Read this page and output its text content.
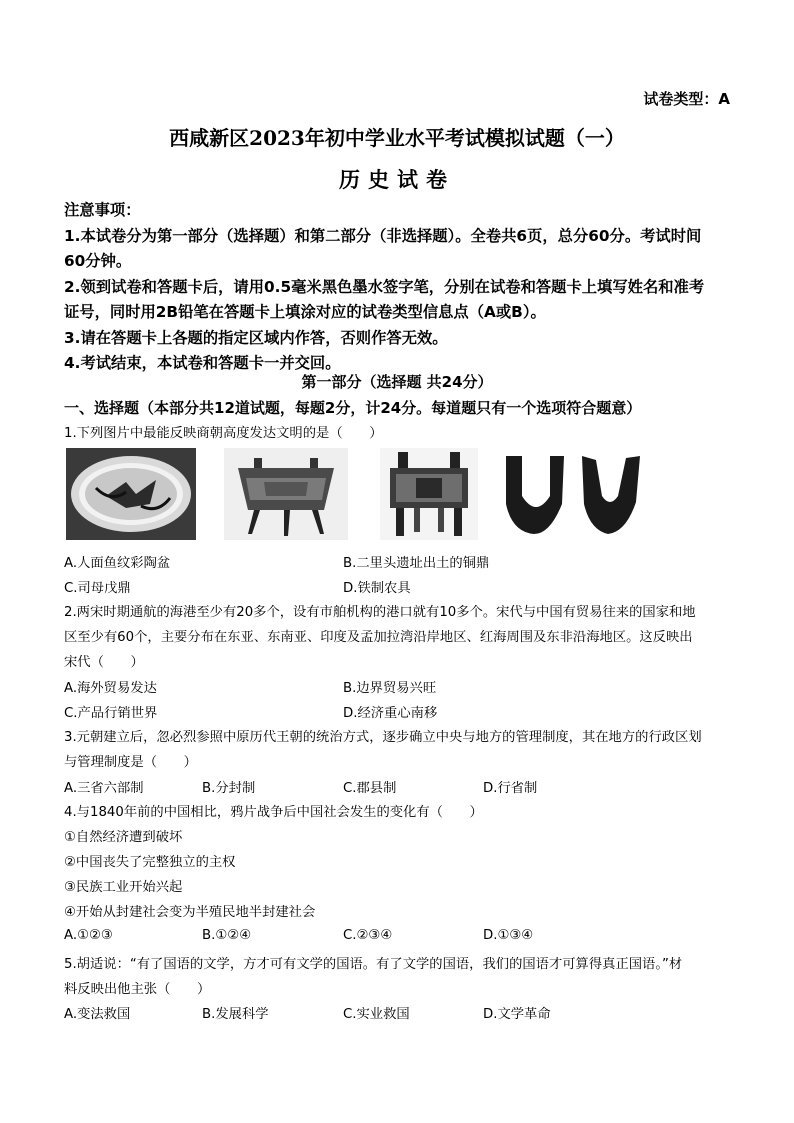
试卷类型：A
西咸新区2023年初中学业水平考试模拟试题（一）
历史试卷
注意事项：
1.本试卷分为第一部分（选择题）和第二部分（非选择题）。全卷共6页，总分60分。考试时间
60分钟。
2.领到试卷和答题卡后，请用0.5毫米黑色墨水签字笔，分别在试卷和答题卡上填写姓名和准考
证号，同时用2B铅笔在答题卡上填涂对应的试卷类型信息点（A或B）。
3.请在答题卡上各题的指定区域内作答，否则作答无效。
4.考试结束，本试卷和答题卡一并交回。
第一部分（选择题 共24分）
一、选择题（本部分共12道试题，每题2分，计24分。每道题只有一个选项符合题意）
1.下列图片中最能反映商朝高度发达文明的是（　　）
A.人面鱼纹彩陶盆	B.二里头遗址出土的铜鼎
C.司母戊鼎	D.铁制农具
2.两宋时期通航的海港至少有20多个，设有市舶机构的港口就有10多个。宋代与中国有贸易往来的国家和地
区至少有60个，主要分布在东亚、东南亚、印度及孟加拉湾沿岸地区、红海周围及东非沿海地区。这反映出
宋代（　　）
A.海外贸易发达	B.边界贸易兴旺
C.产品行销世界	D.经济重心南移
3.元朝建立后，忽必烈参照中原历代王朝的统治方式，逐步确立中央与地方的管理制度，其在地方的行政区划
与管理制度是（　　）
A.三省六部制	B.分封制	C.郡县制	D.行省制
4.与1840年前的中国相比，鸦片战争后中国社会发生的变化有（　　）
①自然经济遭到破坏
②中国丧失了完整独立的主权
③民族工业开始兴起
④开始从封建社会变为半殖民地半封建社会
A.①②③	B.①②④	C.②③④	D.①③④
5.胡适说：“有了国语的文学，方才可有文学的国语。有了文学的国语，我们的国语才可算得真正国语。”材
料反映出他主张（　　）
A.变法救国	B.发展科学	C.实业救国	D.文学革命
